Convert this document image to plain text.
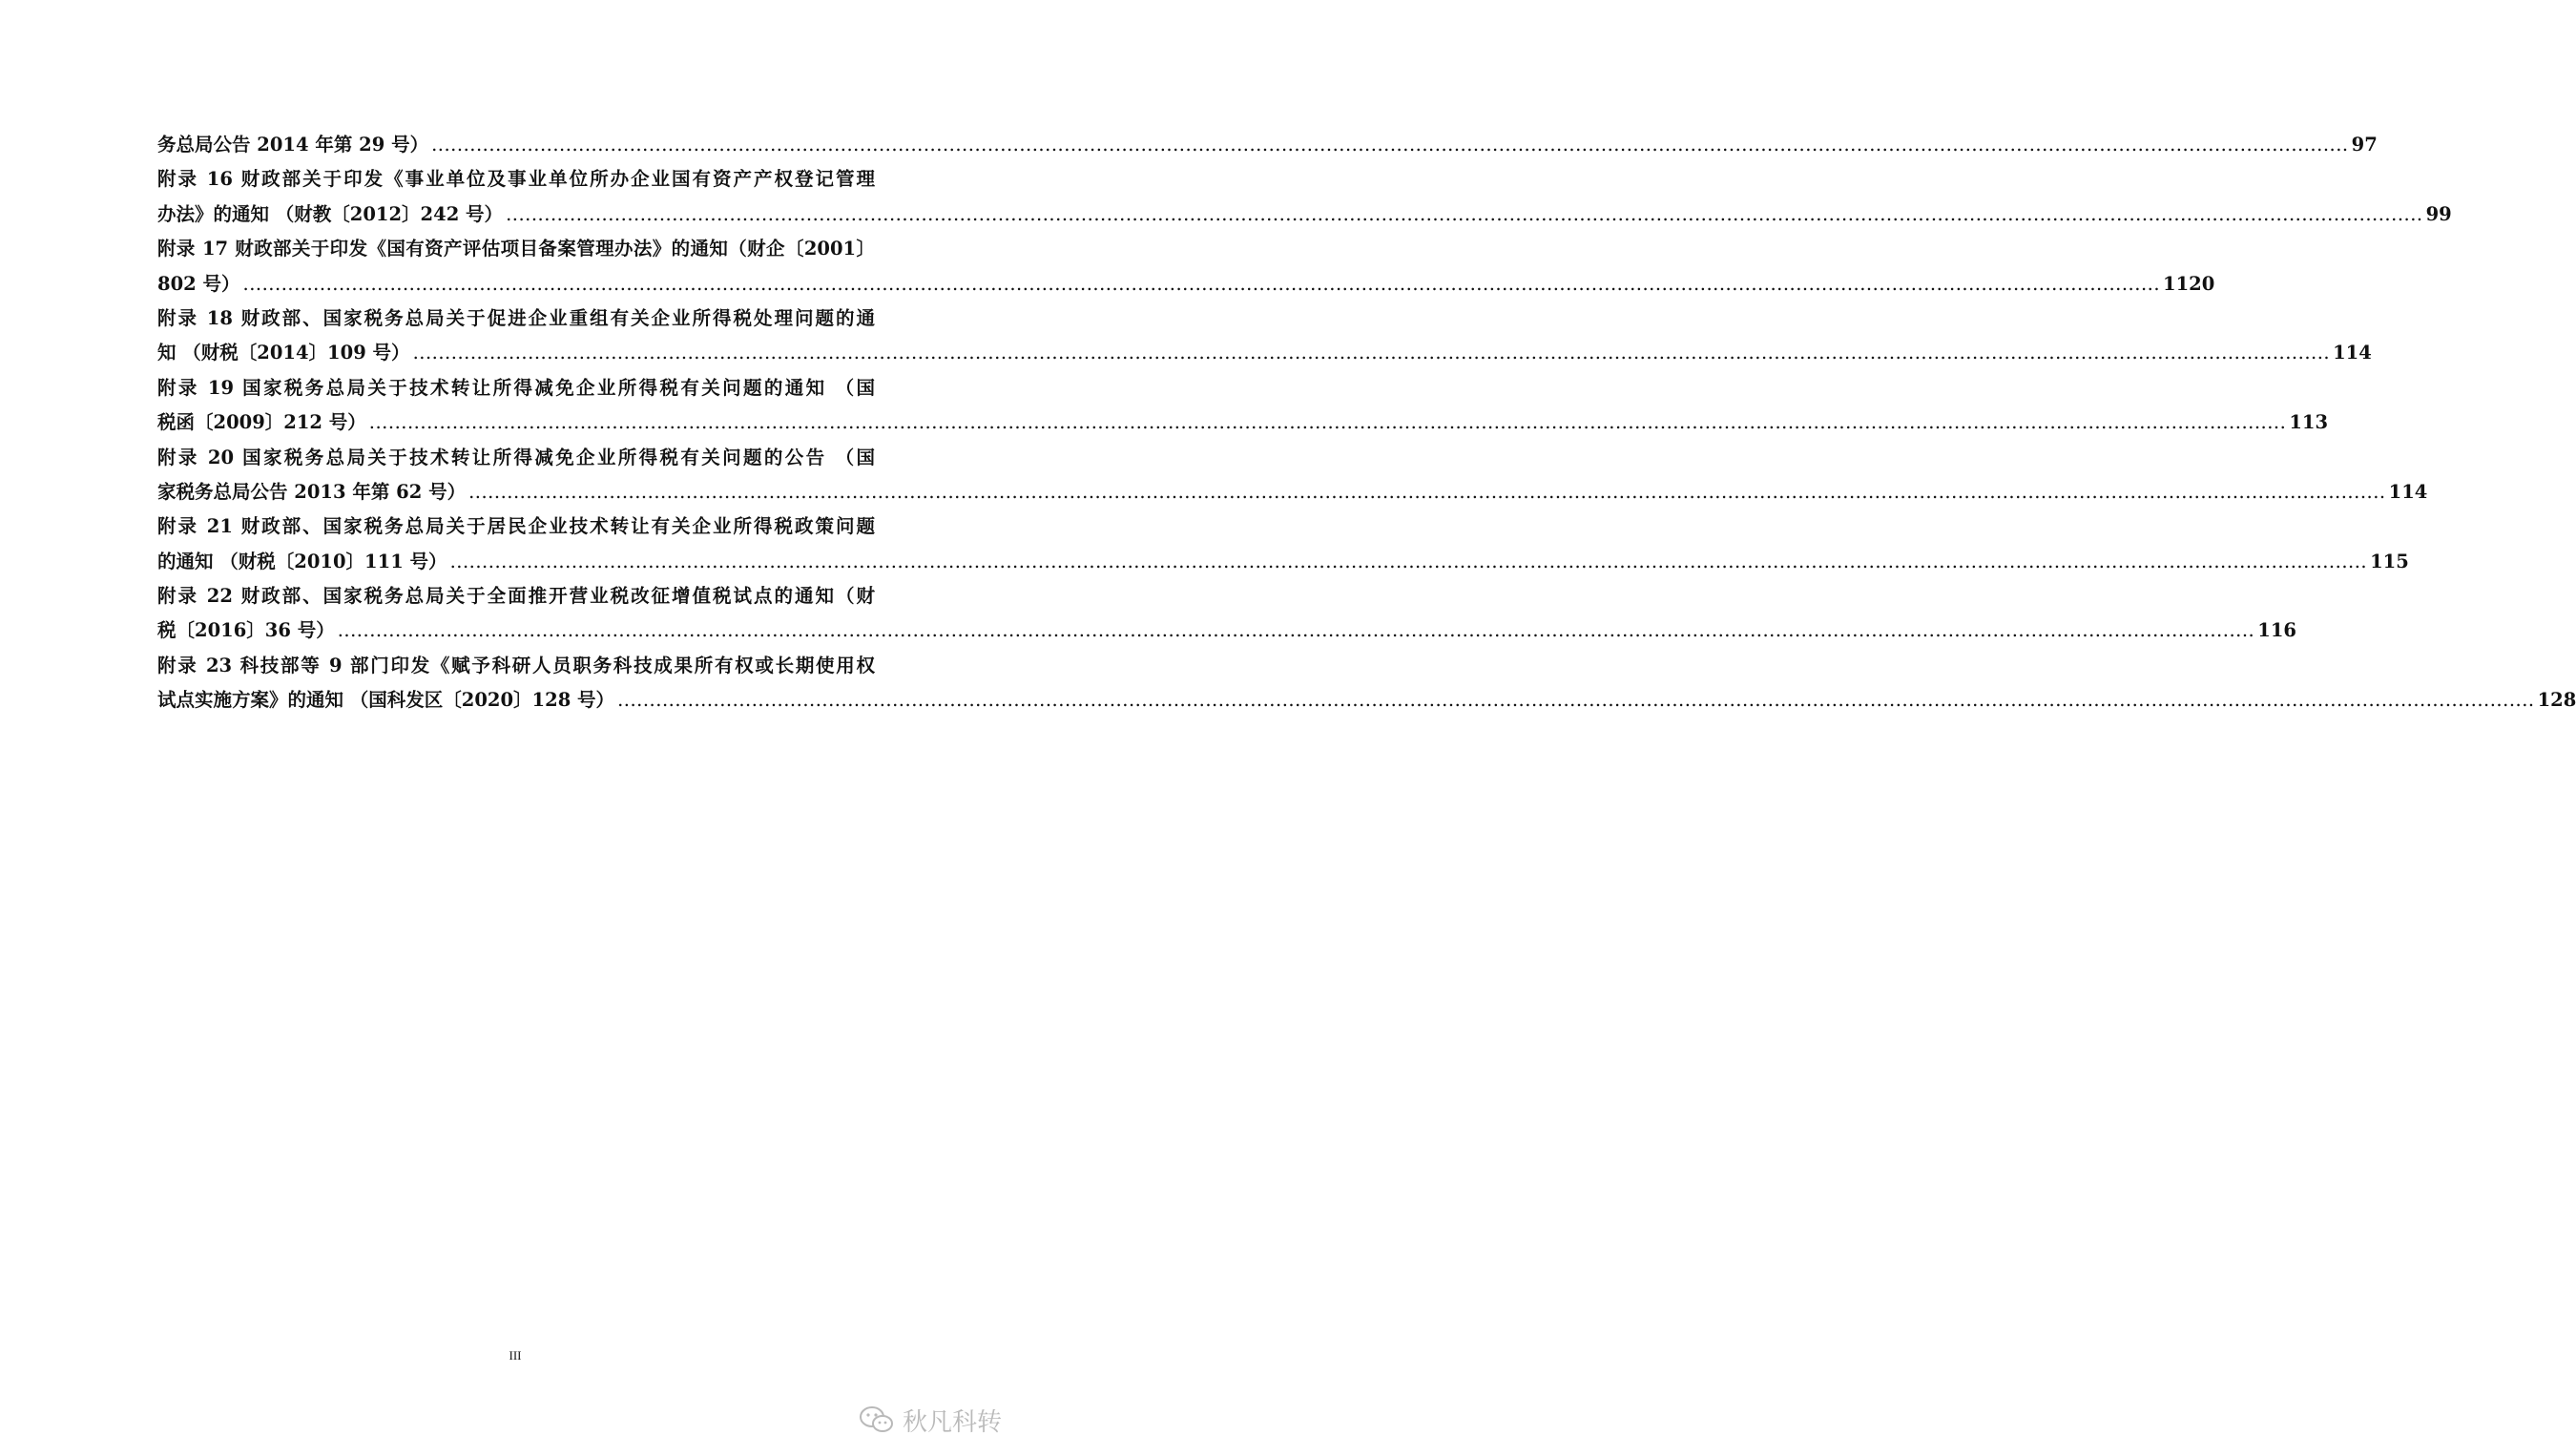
务总局公告 2014 年第 29 号） ............................................................................................................................................................................................................................................................................................................ 97
附录 16 财政部关于印发《事业单位及事业单位所办企业国有资产产权登记管理
办法》的通知 （财教〔2012〕242 号） ............................................................................................................................................................................................................................................................................................................ 99
附录 17 财政部关于印发《国有资产评估项目备案管理办法》的通知（财企〔2001〕
802 号） ............................................................................................................................................................................................................................................................................................................ 1120
附录 18 财政部、国家税务总局关于促进企业重组有关企业所得税处理问题的通
知 （财税〔2014〕109 号） ............................................................................................................................................................................................................................................................................................................ 114
附录 19 国家税务总局关于技术转让所得减免企业所得税有关问题的通知 （国
税函〔2009〕212 号） ............................................................................................................................................................................................................................................................................................................ 113
附录 20 国家税务总局关于技术转让所得减免企业所得税有关问题的公告 （国
家税务总局公告 2013 年第 62 号） ............................................................................................................................................................................................................................................................................................................ 114
附录 21 财政部、国家税务总局关于居民企业技术转让有关企业所得税政策问题
的通知 （财税〔2010〕111 号） ............................................................................................................................................................................................................................................................................................................ 115
附录 22 财政部、国家税务总局关于全面推开营业税改征增值税试点的通知（财
税〔2016〕36 号） ............................................................................................................................................................................................................................................................................................................ 116
附录 23 科技部等 9 部门印发《赋予科研人员职务科技成果所有权或长期使用权
试点实施方案》的通知 （国科发区〔2020〕128 号） ............................................................................................................................................................................................................................................................................................................ 128
III
秋凡科转
